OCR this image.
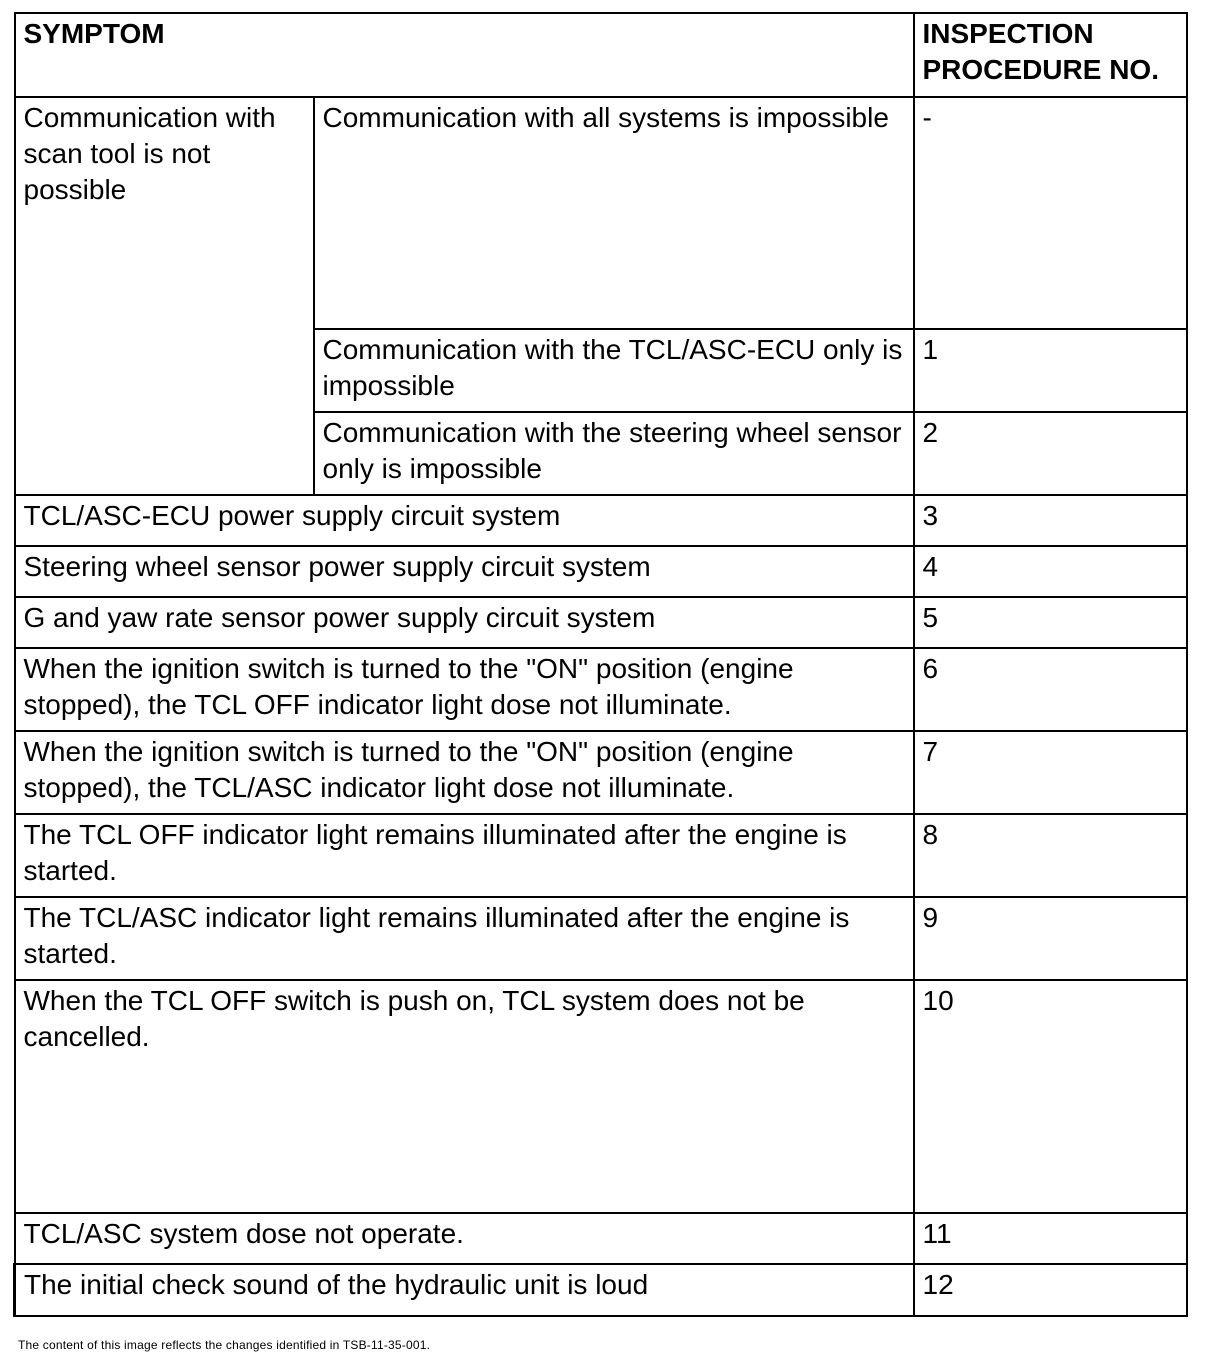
SYMPTOM		INSPECTION
PROCEDURE NO.
Communication with scan tool is not possible	Communication with all systems is impossible	-
	Communication with the TCL/ASC-ECU only is impossible	1
	Communication with the steering wheel sensor only is impossible	2
TCL/ASC-ECU power supply circuit system		3
Steering wheel sensor power supply circuit system		4
G and yaw rate sensor power supply circuit system		5
When the ignition switch is turned to the "ON" position (engine stopped), the TCL OFF indicator light dose not illuminate.		6
When the ignition switch is turned to the "ON" position (engine stopped), the TCL/ASC indicator light dose not illuminate.		7
The TCL OFF indicator light remains illuminated after the engine is started.		8
The TCL/ASC indicator light remains illuminated after the engine is started.		9
When the TCL OFF switch is push on, TCL system does not be cancelled.		10
TCL/ASC system dose not operate.		11
The initial check sound of the hydraulic unit is loud		12
The content of this image reflects the changes identified in TSB-11-35-001.
